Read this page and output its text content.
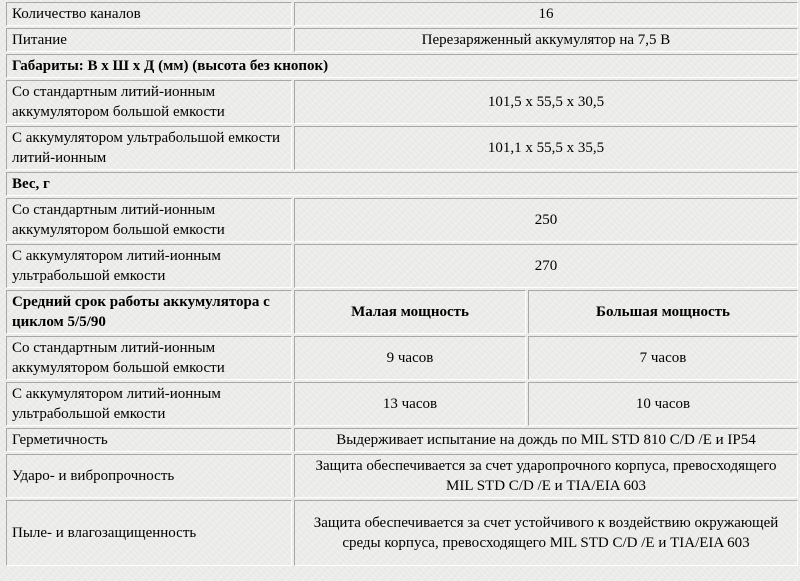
Количество каналов	16	
Питание	Перезаряженный аккумулятор на 7,5 В	
Габариты: В х Ш х Д (мм) (высота без кнопок)		
Со стандартным литий-ионным аккумулятором большой емкости	101,5 х 55,5 х 30,5	
С аккумулятором ультрабольшой емкости литий-ионным	101,1 х 55,5 х 35,5	
Вес, г		
Со стандартным литий-ионным аккумулятором большой емкости	250	
С аккумулятором литий-ионным ультрабольшой емкости	270	
Средний срок работы аккумулятора с циклом 5/5/90	Малая мощность	Большая мощность
Со стандартным литий-ионным аккумулятором большой емкости	9 часов	7 часов
С аккумулятором литий-ионным ультрабольшой емкости	13 часов	10 часов
Герметичность	Выдерживает испытание на дождь по MIL STD 810 C/D /E и IP54	
Ударо- и вибропрочность	Защита обеспечивается за счет ударопрочного корпуса, превосходящего MIL STD C/D /E и TIA/EIA 603	
Пыле- и влагозащищенность	Защита обеспечивается за счет устойчивого к воздействию окружающей среды корпуса, превосходящего MIL STD C/D /E и TIA/EIA 603	
